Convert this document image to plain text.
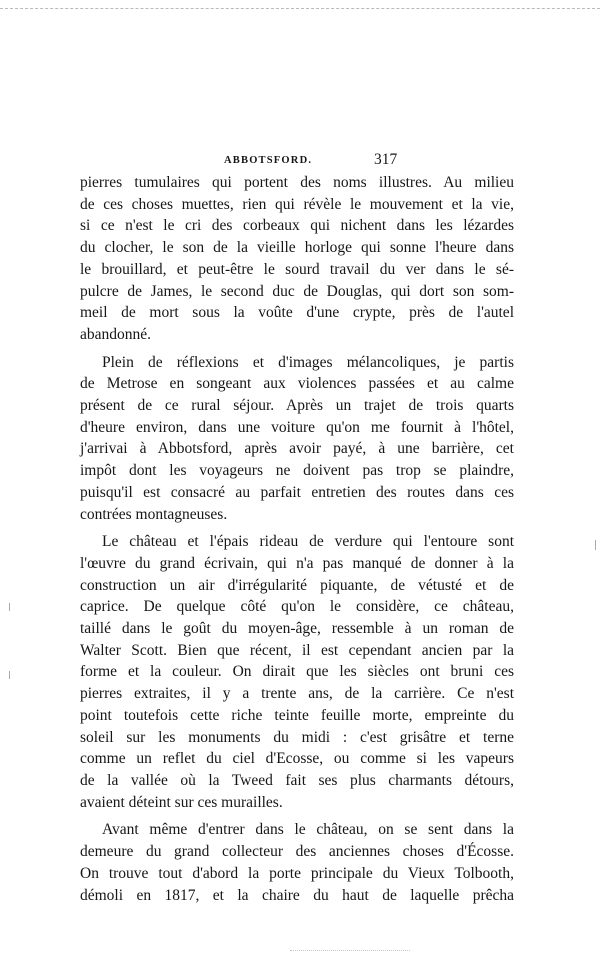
ABBOTSFORD.	317

pierres tumulaires qui portent des noms illustres. Au milieu
de ces choses muettes, rien qui révèle le mouvement et la vie,
si ce n'est le cri des corbeaux qui nichent dans les lézardes
du clocher, le son de la vieille horloge qui sonne l'heure dans
le brouillard, et peut-être le sourd travail du ver dans le sé-
pulcre de James, le second duc de Douglas, qui dort son som-
meil de mort sous la voûte d'une crypte, près de l'autel
abandonné.

Plein de réflexions et d'images mélancoliques, je partis
de Metrose en songeant aux violences passées et au calme
présent de ce rural séjour. Après un trajet de trois quarts
d'heure environ, dans une voiture qu'on me fournit à l'hôtel,
j'arrivai à Abbotsford, après avoir payé, à une barrière, cet
impôt dont les voyageurs ne doivent pas trop se plaindre,
puisqu'il est consacré au parfait entretien des routes dans ces
contrées montagneuses.

Le château et l'épais rideau de verdure qui l'entoure sont
l'œuvre du grand écrivain, qui n'a pas manqué de donner à la
construction un air d'irrégularité piquante, de vétusté et de
caprice. De quelque côté qu'on le considère, ce château,
taillé dans le goût du moyen-âge, ressemble à un roman de
Walter Scott. Bien que récent, il est cependant ancien par la
forme et la couleur. On dirait que les siècles ont bruni ces
pierres extraites, il y a trente ans, de la carrière. Ce n'est
point toutefois cette riche teinte feuille morte, empreinte du
soleil sur les monuments du midi : c'est grisâtre et terne
comme un reflet du ciel d'Ecosse, ou comme si les vapeurs
de la vallée où la Tweed fait ses plus charmants détours,
avaient déteint sur ces murailles.

Avant même d'entrer dans le château, on se sent dans la
demeure du grand collecteur des anciennes choses d'Écosse.
On trouve tout d'abord la porte principale du Vieux Tolbooth,
démoli en 1817, et la chaire du haut de laquelle prêcha
